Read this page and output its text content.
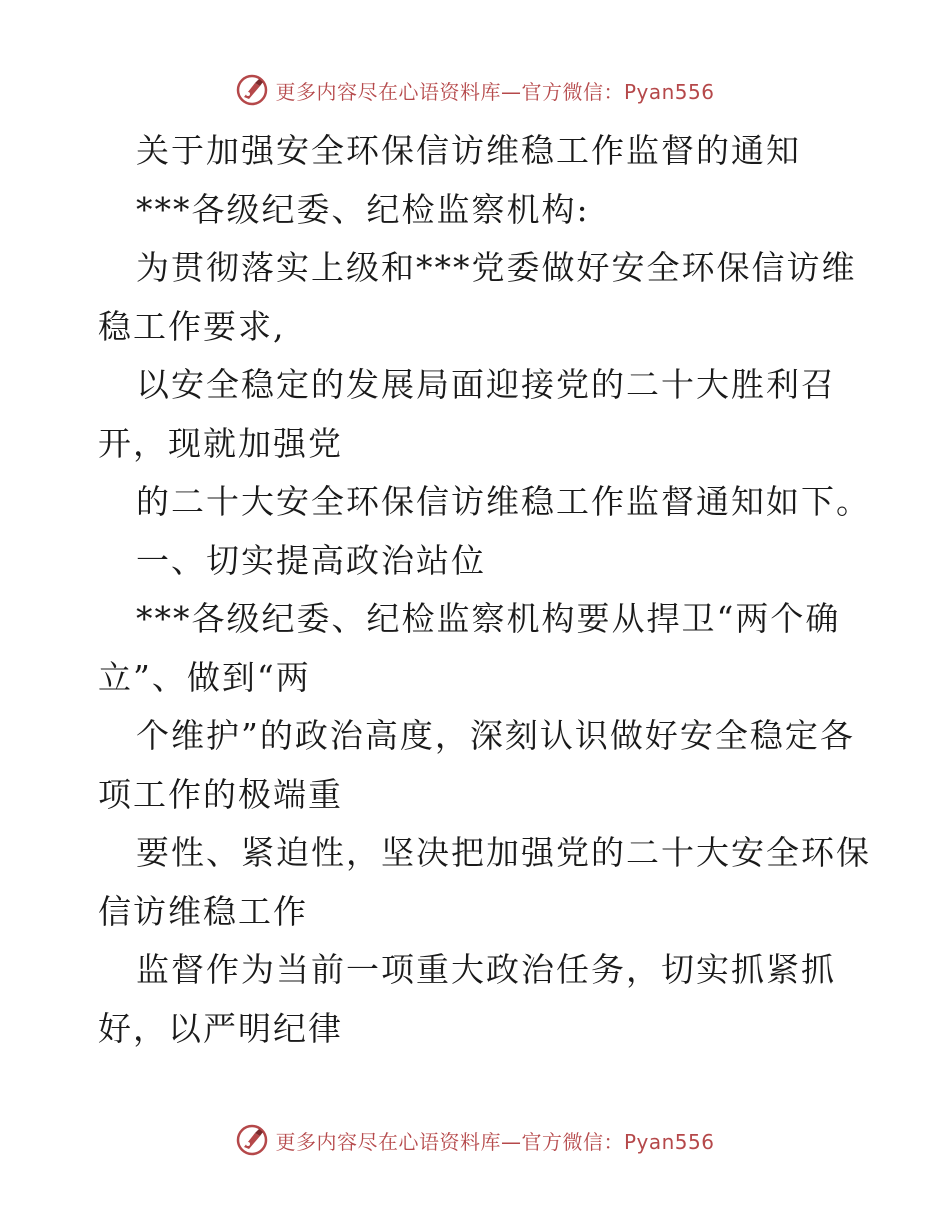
更多内容尽在心语资料库—官方微信：Pyan556
关于加强安全环保信访维稳工作监督的通知
***各级纪委、纪检监察机构:
为贯彻落实上级和***党委做好安全环保信访维
稳工作要求,
以安全稳定的发展局面迎接党的二十大胜利召
开，现就加强党
的二十大安全环保信访维稳工作监督通知如下。
一、切实提高政治站位
***各级纪委、纪检监察机构要从捍卫“两个确
立”、做到“两
个维护”的政治高度，深刻认识做好安全稳定各
项工作的极端重
要性、紧迫性，坚决把加强党的二十大安全环保
信访维稳工作
监督作为当前一项重大政治任务，切实抓紧抓
好，以严明纪律
更多内容尽在心语资料库—官方微信：Pyan556
